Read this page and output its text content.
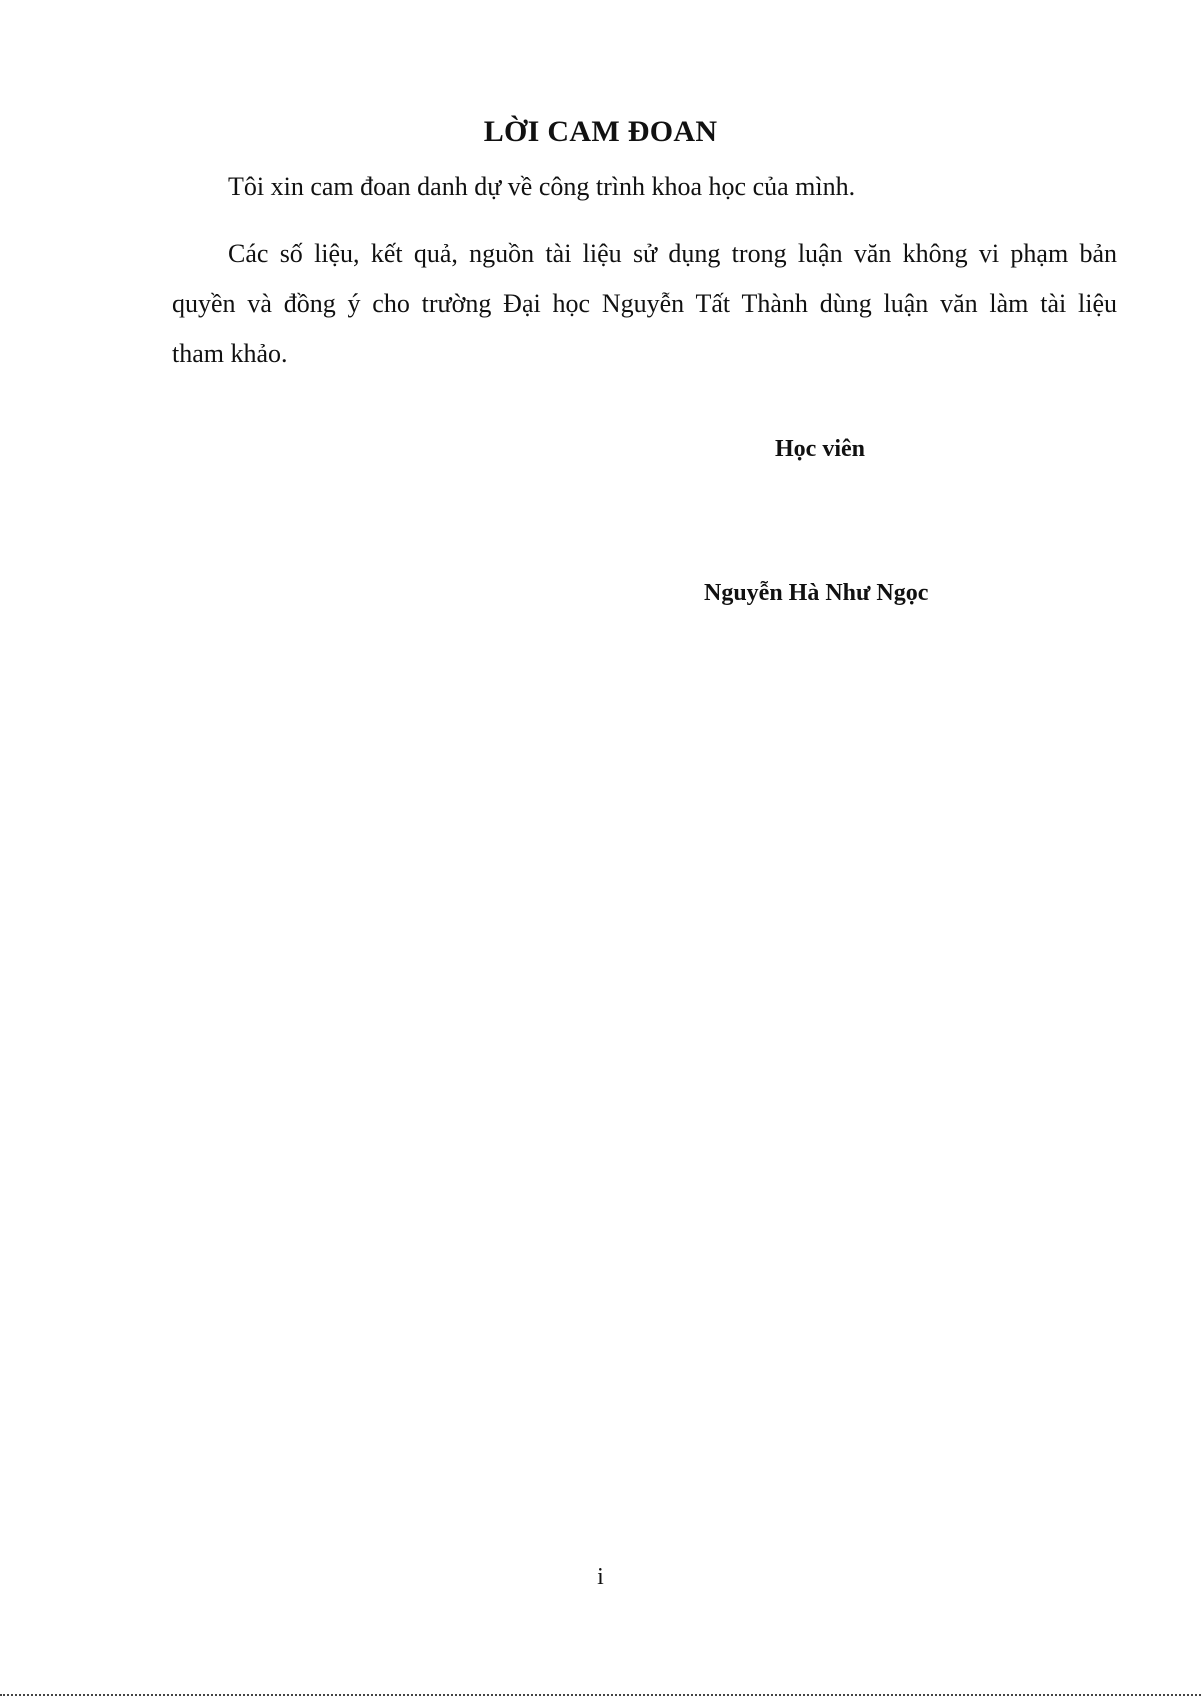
LỜI CAM ĐOAN
Tôi xin cam đoan danh dự về công trình khoa học của mình.
Các số liệu, kết quả, nguồn tài liệu sử dụng trong luận văn không vi phạm bản
quyền và đồng ý cho trường Đại học Nguyễn Tất Thành dùng luận văn làm tài liệu
tham khảo.
Học viên
Nguyễn Hà Như Ngọc
i
